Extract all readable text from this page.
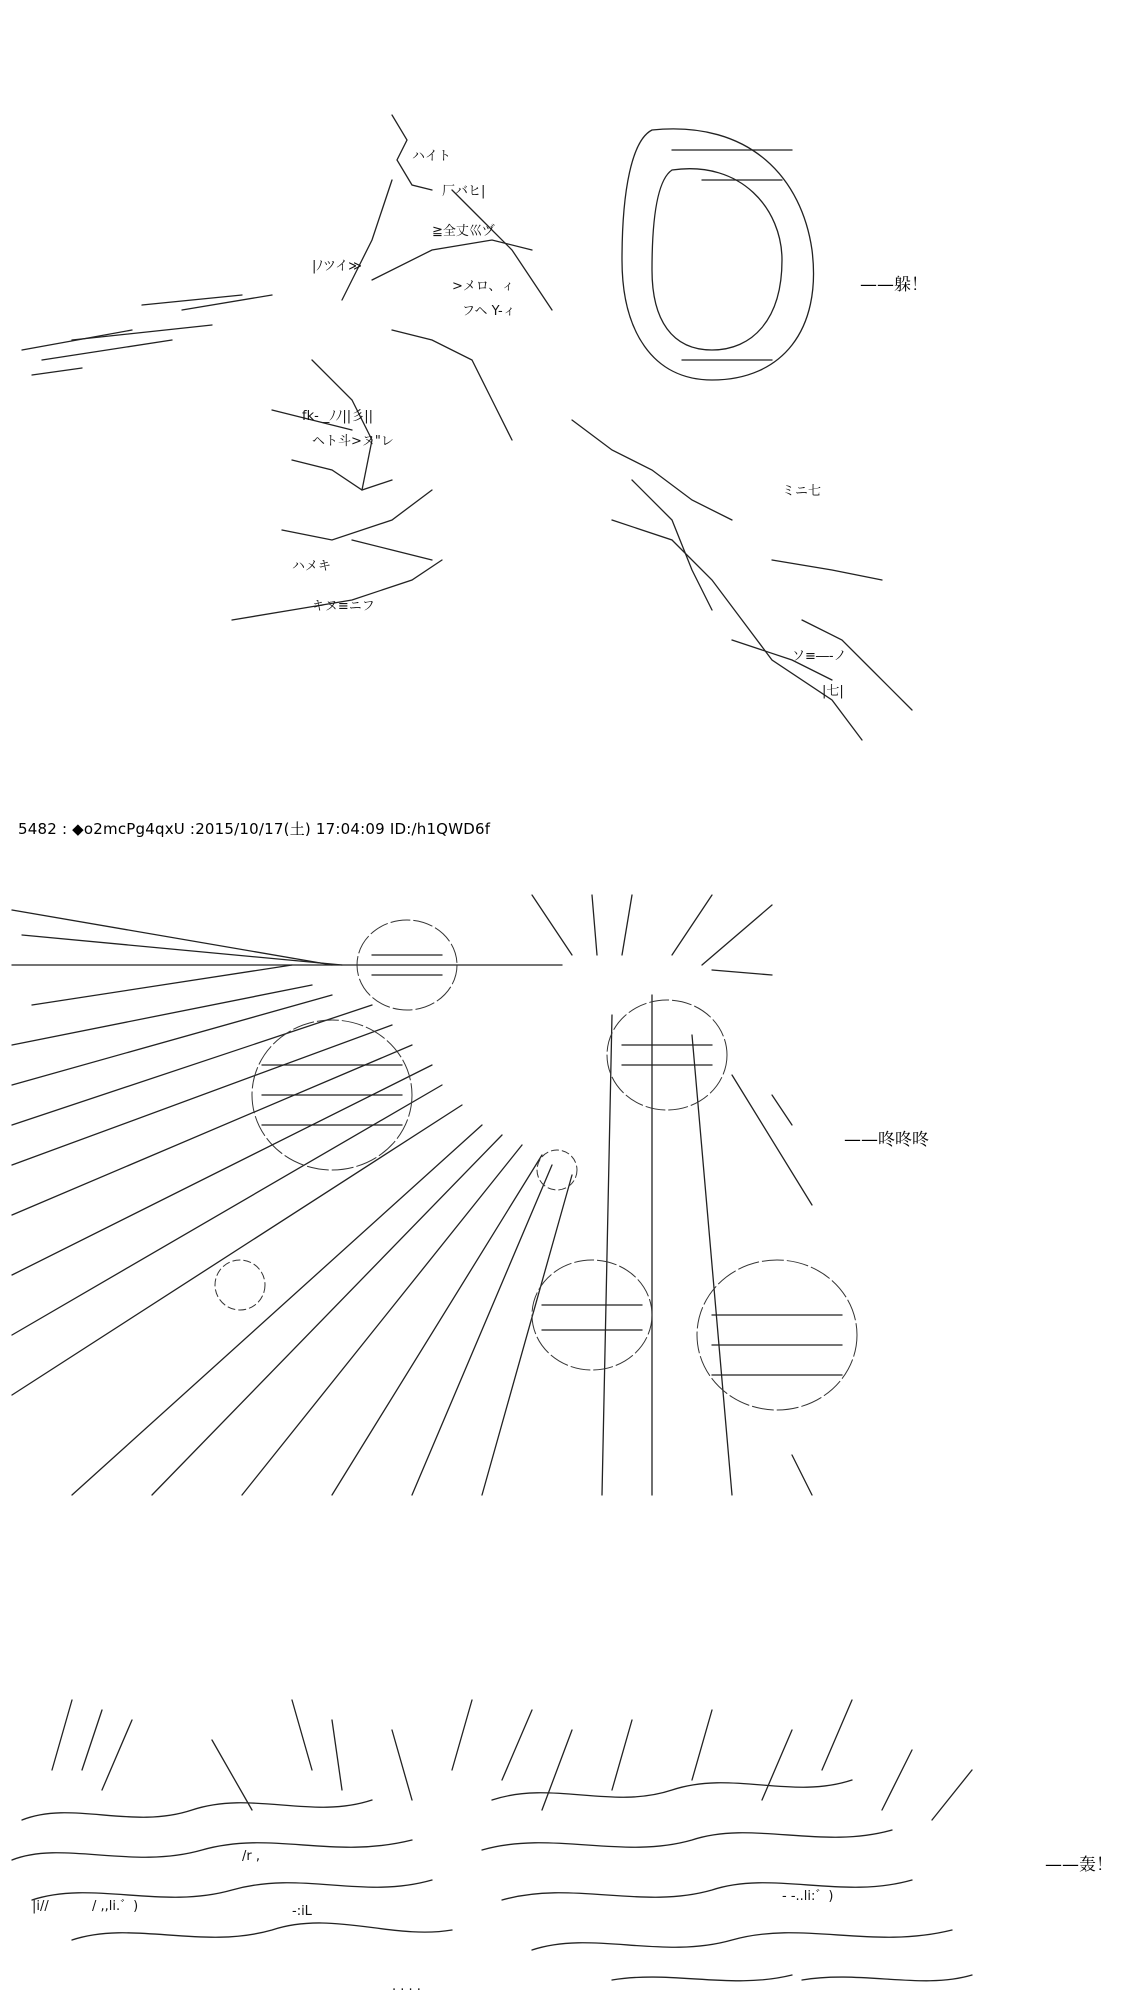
ハイト
厂バヒ|
≧全丈巛ヅ
|ﾉツイ≫
>メロ、ィ
フヘ Y-ィ
fk- _ﾉﾉ||彡||
ヘト斗>ヌ"レ
ハメキ
キヌ≡ニフ
ミニ七
ソ≡―-ノ
|七|
——躲！
5482 : ◆o2mcPg4qxU :2015/10/17(土) 17:04:09 ID:/h1QWD6f
——咚咚咚
|i//	/ ,,li.゛)
/r ,
-:iL
. . . .
- -..li:゛)
——轰！
